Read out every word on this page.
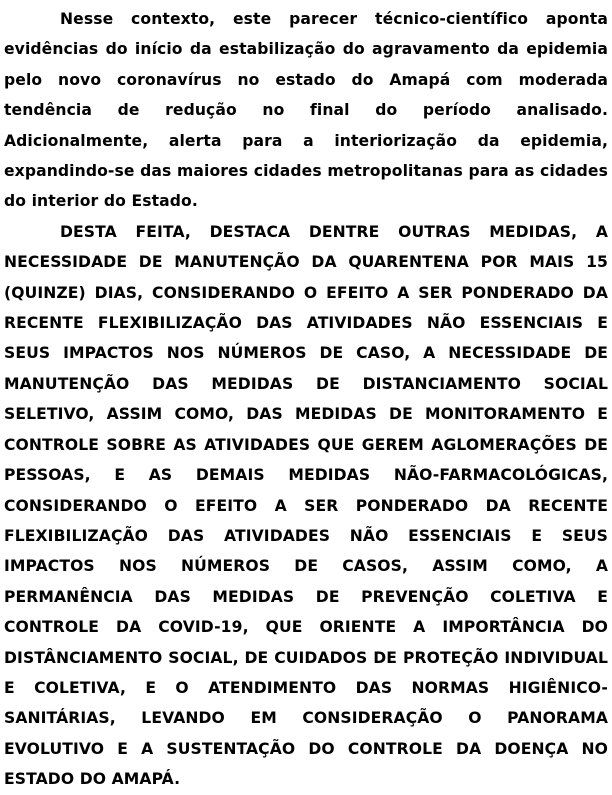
Nesse contexto, este parecer técnico-científico aponta evidências do início da estabilização do agravamento da epidemia pelo novo coronavírus no estado do Amapá com moderada tendência de redução no final do período analisado. Adicionalmente, alerta para a interiorização da epidemia, expandindo-se das maiores cidades metropolitanas para as cidades do interior do Estado.

DESTA FEITA, DESTACA DENTRE OUTRAS MEDIDAS, A NECESSIDADE DE MANUTENÇÃO DA QUARENTENA POR MAIS 15 (QUINZE) DIAS, CONSIDERANDO O EFEITO A SER PONDERADO DA RECENTE FLEXIBILIZAÇÃO DAS ATIVIDADES NÃO ESSENCIAIS E SEUS IMPACTOS NOS NÚMEROS DE CASO, A NECESSIDADE DE MANUTENÇÃO DAS MEDIDAS DE DISTANCIAMENTO SOCIAL SELETIVO, ASSIM COMO, DAS MEDIDAS DE MONITORAMENTO E CONTROLE SOBRE AS ATIVIDADES QUE GEREM AGLOMERAÇÕES DE PESSOAS, E AS DEMAIS MEDIDAS NÃO-FARMACOLÓGICAS, CONSIDERANDO O EFEITO A SER PONDERADO DA RECENTE FLEXIBILIZAÇÃO DAS ATIVIDADES NÃO ESSENCIAIS E SEUS IMPACTOS NOS NÚMEROS DE CASOS, ASSIM COMO, A PERMANÊNCIA DAS MEDIDAS DE PREVENÇÃO COLETIVA E CONTROLE DA COVID-19, QUE ORIENTE A IMPORTÂNCIA DO DISTÂNCIAMENTO SOCIAL, DE CUIDADOS DE PROTEÇÃO INDIVIDUAL E COLETIVA, E O ATENDIMENTO DAS NORMAS HIGIÊNICO-SANITÁRIAS, LEVANDO EM CONSIDERAÇÃO O PANORAMA EVOLUTIVO E A SUSTENTAÇÃO DO CONTROLE DA DOENÇA NO ESTADO DO AMAPÁ.
